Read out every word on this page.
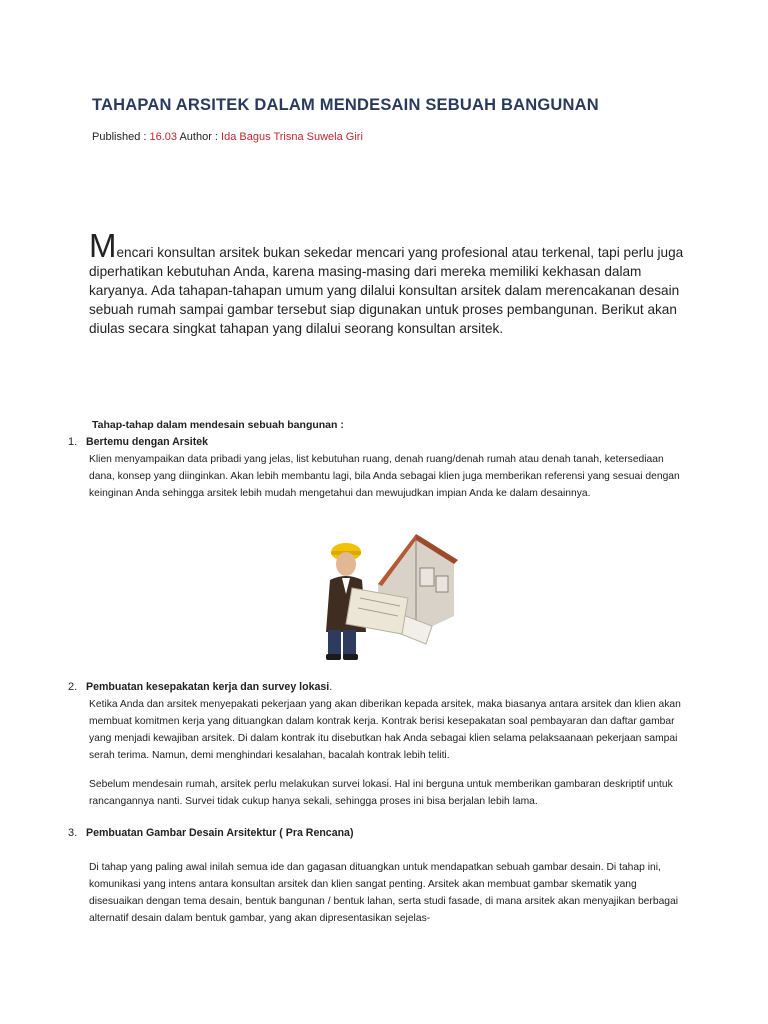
TAHAPAN ARSITEK DALAM MENDESAIN SEBUAH BANGUNAN
Published : 16.03 Author : Ida Bagus Trisna Suwela Giri

Mencari konsultan arsitek bukan sekedar mencari yang profesional atau terkenal, tapi perlu juga diperhatikan kebutuhan Anda, karena masing-masing dari mereka memiliki kekhasan dalam karyanya. Ada tahapan-tahapan umum yang dilalui konsultan arsitek dalam merencakanan desain sebuah rumah sampai gambar tersebut siap digunakan untuk proses pembangunan. Berikut akan diulas secara singkat tahapan yang dilalui seorang konsultan arsitek.

Tahap-tahap dalam mendesain sebuah bangunan :
1. Bertemu dengan Arsitek

Klien menyampaikan data pribadi yang jelas, list kebutuhan ruang, denah ruang/denah rumah atau denah tanah, ketersediaan dana, konsep yang diinginkan. Akan lebih membantu lagi, bila Anda sebagai klien juga memberikan referensi yang sesuai dengan keinginan Anda sehingga arsitek lebih mudah mengetahui dan mewujudkan impian Anda ke dalam desainnya.

2. Pembuatan kesepakatan kerja dan survey lokasi.

Ketika Anda dan arsitek menyepakati pekerjaan yang akan diberikan kepada arsitek, maka biasanya antara arsitek dan klien akan membuat komitmen kerja yang dituangkan dalam kontrak kerja. Kontrak berisi kesepakatan soal pembayaran dan daftar gambar yang menjadi kewajiban arsitek. Di dalam kontrak itu disebutkan hak Anda sebagai klien selama pelaksaanaan pekerjaan sampai serah terima. Namun, demi menghindari kesalahan, bacalah kontrak lebih teliti.

Sebelum mendesain rumah, arsitek perlu melakukan survei lokasi. Hal ini berguna untuk memberikan gambaran deskriptif untuk rancangannya nanti. Survei tidak cukup hanya sekali, sehingga proses ini bisa berjalan lebih lama.

3. Pembuatan Gambar Desain Arsitektur ( Pra Rencana)

Di tahap yang paling awal inilah semua ide dan gagasan dituangkan untuk mendapatkan sebuah gambar desain. Di tahap ini, komunikasi yang intens antara konsultan arsitek dan klien sangat penting. Arsitek akan membuat gambar skematik yang disesuaikan dengan tema desain, bentuk bangunan / bentuk lahan, serta studi fasade, di mana arsitek akan menyajikan berbagai alternatif desain dalam bentuk gambar, yang akan dipresentasikan sejelas-
